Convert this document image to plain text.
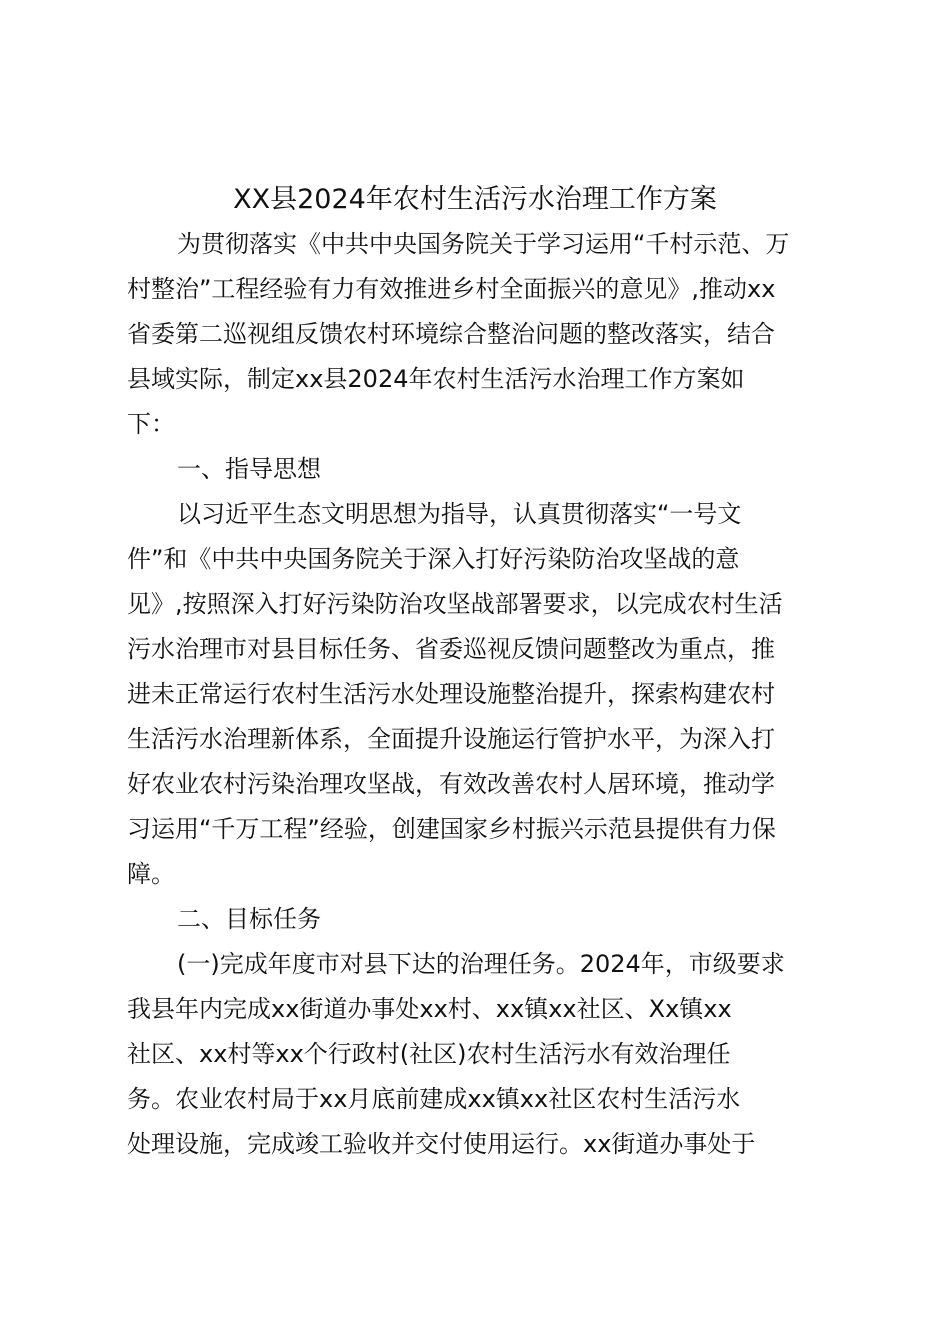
XX县2024年农村生活污水治理工作方案
为贯彻落实《中共中央国务院关于学习运用“千村示范、万
村整治”工程经验有力有效推进乡村全面振兴的意见》,推动xx
省委第二巡视组反馈农村环境综合整治问题的整改落实，结合
县域实际，制定xx县2024年农村生活污水治理工作方案如
下：
一、指导思想
以习近平生态文明思想为指导，认真贯彻落实“一号文
件”和《中共中央国务院关于深入打好污染防治攻坚战的意
见》,按照深入打好污染防治攻坚战部署要求，以完成农村生活
污水治理市对县目标任务、省委巡视反馈问题整改为重点，推
进未正常运行农村生活污水处理设施整治提升，探索构建农村
生活污水治理新体系，全面提升设施运行管护水平，为深入打
好农业农村污染治理攻坚战，有效改善农村人居环境，推动学
习运用“千万工程”经验，创建国家乡村振兴示范县提供有力保
障。
二、目标任务
(一)完成年度市对县下达的治理任务。2024年，市级要求
我县年内完成xx街道办事处xx村、xx镇xx社区、Xx镇xx
社区、xx村等xx个行政村(社区)农村生活污水有效治理任
务。农业农村局于xx月底前建成xx镇xx社区农村生活污水
处理设施，完成竣工验收并交付使用运行。xx街道办事处于
